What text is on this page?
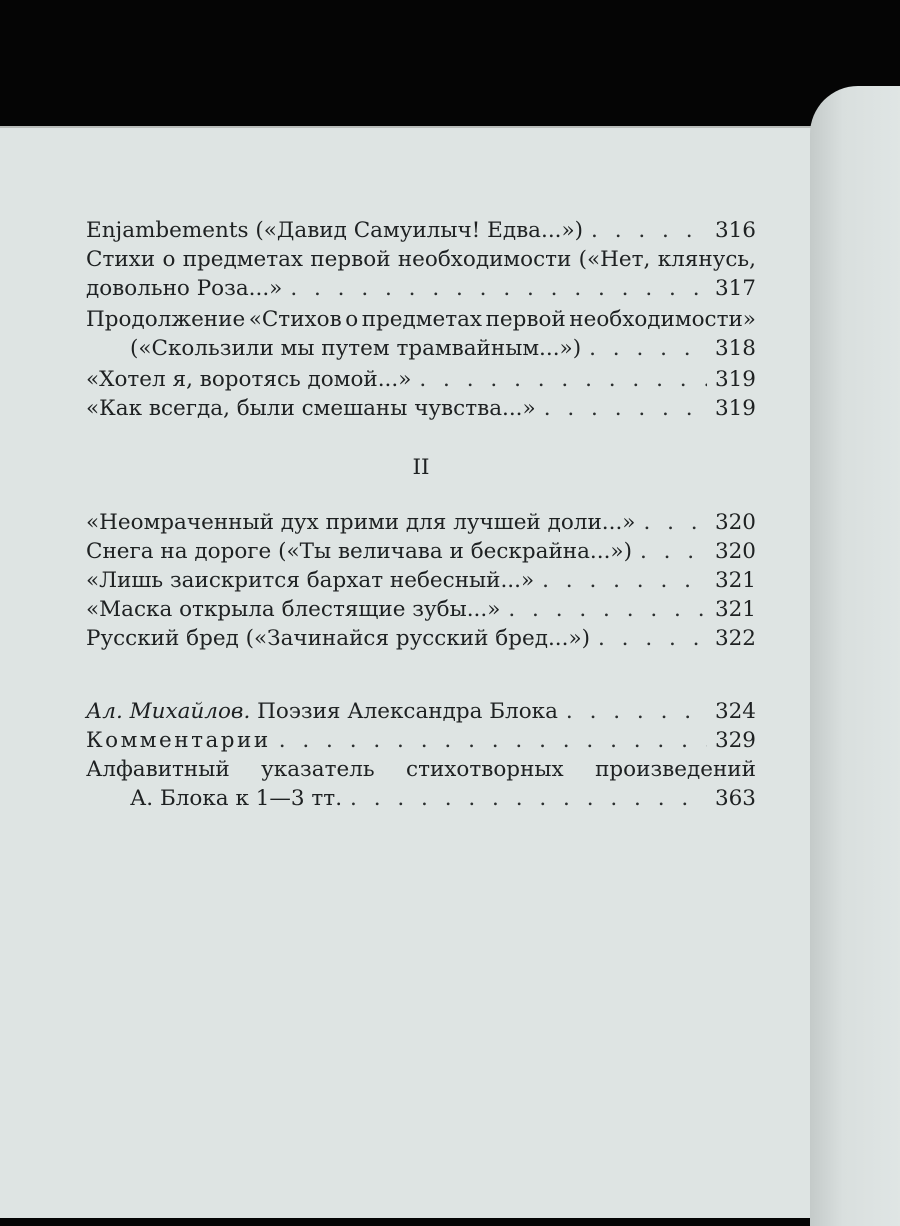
Enjambements («Давид Самуилыч! Едва...») . . .	316
Стихи о предметах первой необходимости («Нет, клянусь,
довольно Роза...» . . .	317
Продолжение «Стихов о предметах первой необходимости»
(«Скользили мы путем трамвайным...») . . .	318
«Хотел я, воротясь домой...» . . .	319
«Как всегда, были смешаны чувства...» . . .	319
II
«Неомраченный дух прими для лучшей доли...» . . .	320
Снега на дороге («Ты величава и бескрайна...») . . .	320
«Лишь заискрится бархат небесный...» . . .	321
«Маска открыла блестящие зубы...» . . .	321
Русский бред («Зачинайся русский бред...») . . .	322
Ал. Михайлов. Поэзия Александра Блока . . .	324
Комментарии . . .	329
Алфавитный указатель стихотворных произведений
А. Блока к 1—3 тт. . . .	363
